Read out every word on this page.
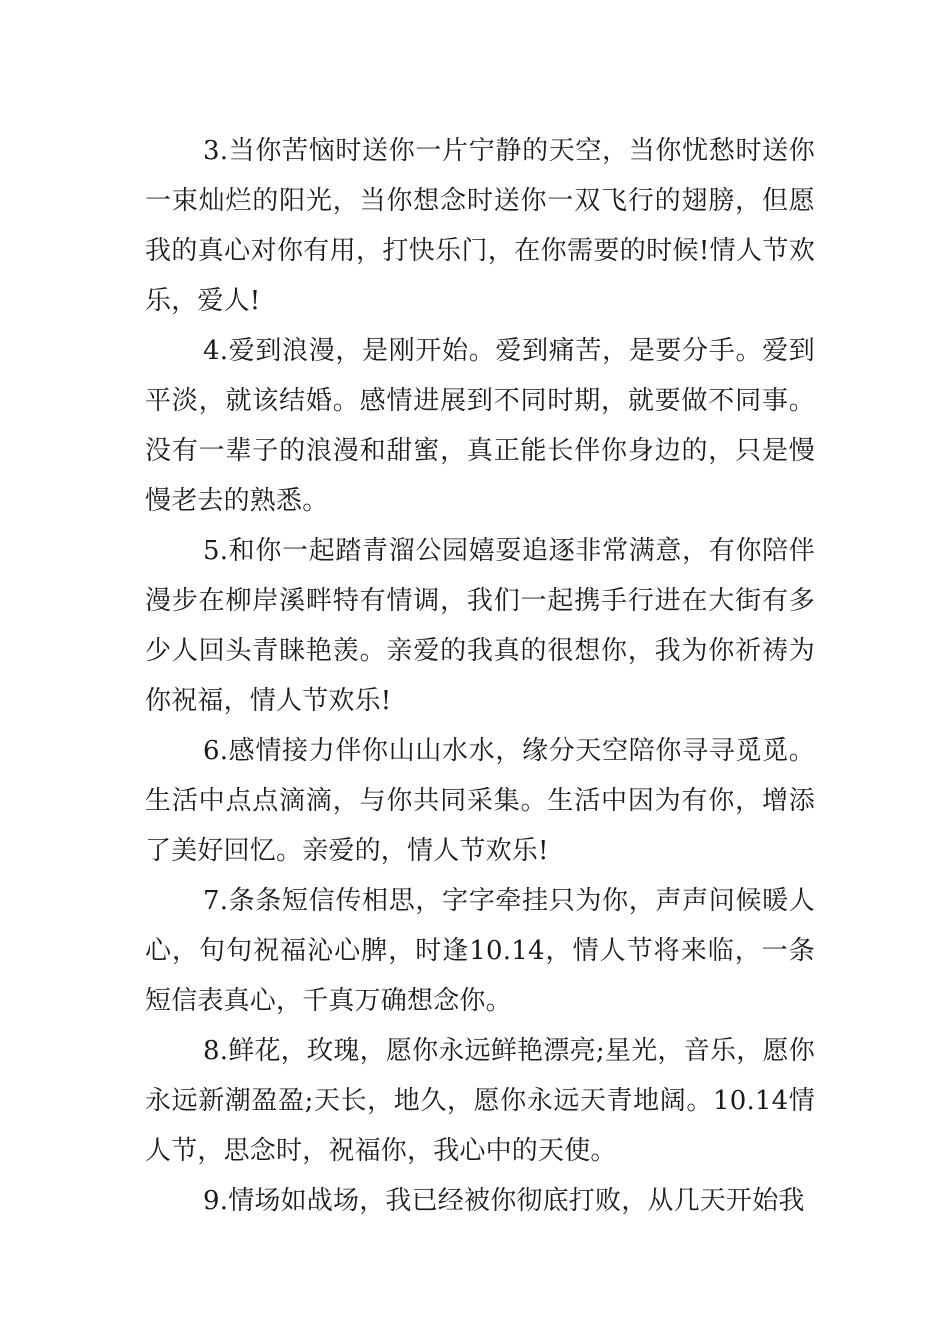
3.当你苦恼时送你一片宁静的天空，当你忧愁时送你一束灿烂的阳光，当你想念时送你一双飞行的翅膀，但愿我的真心对你有用，打快乐门，在你需要的时候!情人节欢乐，爱人!

4.爱到浪漫，是刚开始。爱到痛苦，是要分手。爱到平淡，就该结婚。感情进展到不同时期，就要做不同事。没有一辈子的浪漫和甜蜜，真正能长伴你身边的，只是慢慢老去的熟悉。

5.和你一起踏青溜公园嬉耍追逐非常满意，有你陪伴漫步在柳岸溪畔特有情调，我们一起携手行进在大街有多少人回头青睐艳羡。亲爱的我真的很想你，我为你祈祷为你祝福，情人节欢乐!

6.感情接力伴你山山水水，缘分天空陪你寻寻觅觅。生活中点点滴滴，与你共同采集。生活中因为有你，增添了美好回忆。亲爱的，情人节欢乐!

7.条条短信传相思，字字牵挂只为你，声声问候暖人心，句句祝福沁心脾，时逢10.14，情人节将来临，一条短信表真心，千真万确想念你。

8.鲜花，玫瑰，愿你永远鲜艳漂亮;星光，音乐，愿你永远新潮盈盈;天长，地久，愿你永远天青地阔。10.14情人节，思念时，祝福你，我心中的天使。

9.情场如战场，我已经被你彻底打败，从几天开始我
